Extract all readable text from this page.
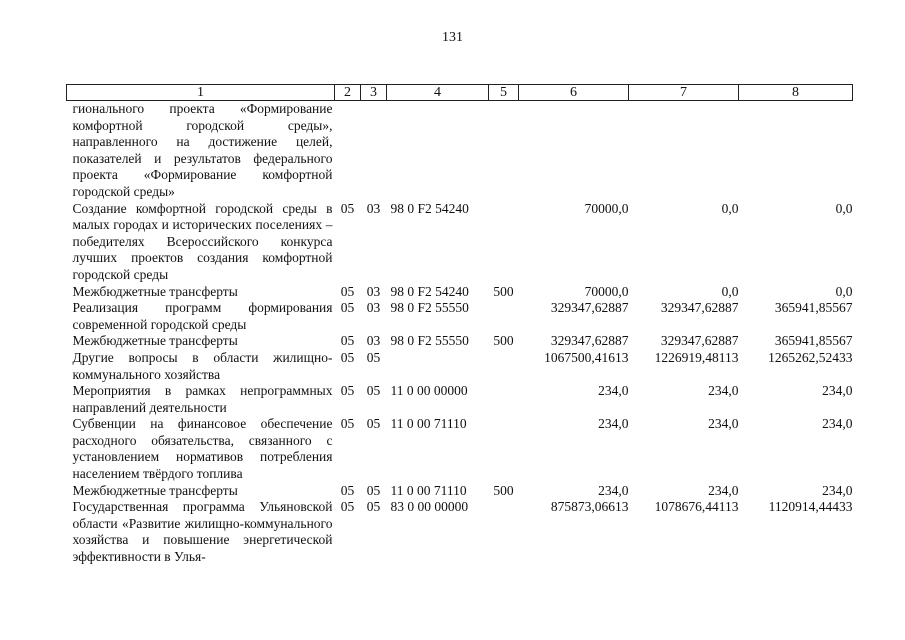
131
1	2	3	4	5	6	7	8
гионального проекта «Формирование комфортной городской среды», направленного на достижение целей, показателей и результатов федерального проекта «Формирование комфортной городской среды»							
Создание комфортной городской среды в малых городах и исторических поселениях – победителях Всероссийского конкурса лучших проектов создания комфортной городской среды	05	03	98 0 F2 54240		70000,0	0,0	0,0
Межбюджетные трансферты	05	03	98 0 F2 54240	500	70000,0	0,0	0,0
Реализация программ формирования современной городской среды	05	03	98 0 F2 55550		329347,62887	329347,62887	365941,85567
Межбюджетные трансферты	05	03	98 0 F2 55550	500	329347,62887	329347,62887	365941,85567
Другие вопросы в области жилищно-коммунального хозяйства	05	05			1067500,41613	1226919,48113	1265262,52433
Мероприятия в рамках непрограммных направлений деятельности	05	05	11 0 00 00000		234,0	234,0	234,0
Субвенции на финансовое обеспечение расходного обязательства, связанного с установлением нормативов потребления населением твёрдого топлива	05	05	11 0 00 71110		234,0	234,0	234,0
Межбюджетные трансферты	05	05	11 0 00 71110	500	234,0	234,0	234,0
Государственная программа Ульяновской области «Развитие жилищно-коммунального хозяйства и повышение энергетической эффективности в Улья-	05	05	83 0 00 00000		875873,06613	1078676,44113	1120914,44433
